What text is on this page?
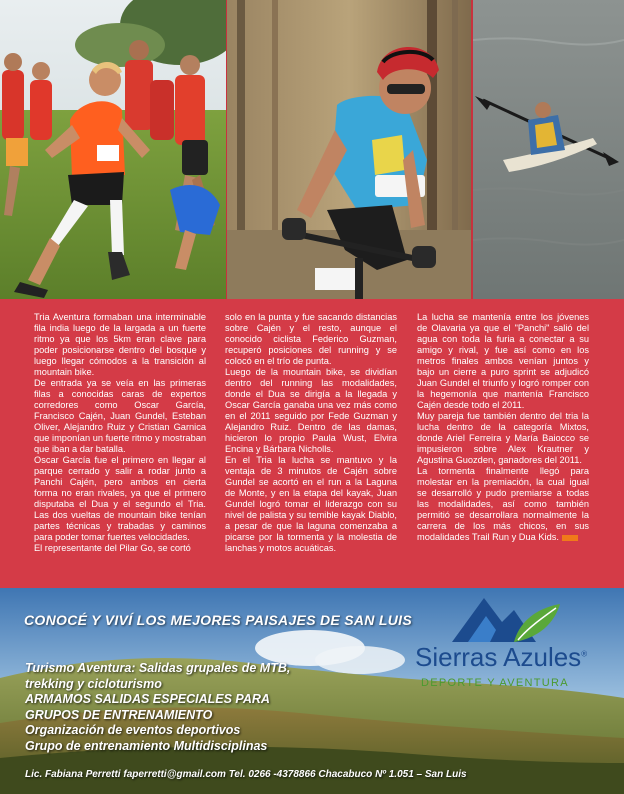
Tria Aventura formaban una interminable fila india luego de la largada a un fuerte ritmo ya que los 5km eran clave para poder posicionarse dentro del bosque y luego llegar cómodos a la transición al mountain bike.
De entrada ya se veía en las primeras filas a conocidas caras de expertos corredores como Oscar García, Francisco Cajén, Juan Gundel, Esteban Oliver, Alejandro Ruiz y Cristian Garnica que imponían un fuerte ritmo y mostraban que iban a dar batalla.
Oscar García fue el primero en llegar al parque cerrado y salir a rodar junto a Panchi Cajén, pero ambos en cierta forma no eran rivales, ya que el primero disputaba el Dua y el segundo el Tria. Las dos vueltas de mountain bike tenían partes técnicas y trabadas y caminos para poder tomar fuertes velocidades.
El representante del Pilar Go, se cortó

solo en la punta y fue sacando distancias sobre Cajén y el resto, aunque el conocido ciclista Federico Guzman, recuperó posiciones del running y se colocó en el trío de punta.
Luego de la mountain bike, se dividían dentro del running las modalidades, donde el Dua se dirigía a la llegada y Oscar García ganaba una vez más como en el 2011 seguido por Fede Guzman y Alejandro Ruiz. Dentro de las damas, hicieron lo propio Paula Wust, Elvira Encina y Bárbara Nicholls.
En el Tria la lucha se mantuvo y la ventaja de 3 minutos de Cajén sobre Gundel se acortó en el run a la Laguna de Monte, y en la etapa del kayak, Juan Gundel logró tomar el liderazgo con su nivel de palista y su temible kayak Diablo, a pesar de que la laguna comenzaba a picarse por la tormenta y la molestia de lanchas y motos acuáticas.

La lucha se mantenía entre los jóvenes de Olavaria ya que el "Panchi" salió del agua con toda la furia a conectar a su amigo y rival, y fue así como en los metros finales ambos venían juntos y bajo un cierre a puro sprint se adjudicó Juan Gundel el triunfo y logró romper con la hegemonía que mantenía Francisco Cajén desde todo el 2011.
Muy pareja fue también dentro del tria la lucha dentro de la categoría Mixtos, donde Ariel Ferreira y María Baiocco se impusieron sobre Alex Krautner y Agustina Guozden, ganadores del 2011.
La tormenta finalmente llegó para molestar en la premiación, la cual igual se desarrolló y pudo premiarse a todas las modalidades, así como también permitió se desarrollara normalmente la carrera de los más chicos, en sus modalidades Trail Run y Dua Kids.

CONOCÉ Y VIVÍ LOS MEJORES PAISAJES DE SAN LUIS
Sierras Azules®
DEPORTE Y AVENTURA
Turismo Aventura: Salidas grupales de MTB,
trekking y cicloturismo
ARMAMOS SALIDAS ESPECIALES PARA
GRUPOS DE ENTRENAMIENTO
Organización de eventos deportivos
Grupo de entrenamiento Multidisciplinas
Lic. Fabiana Perretti faperretti@gmail.com Tel. 0266 -4378866 Chacabuco Nº 1.051 – San Luis
